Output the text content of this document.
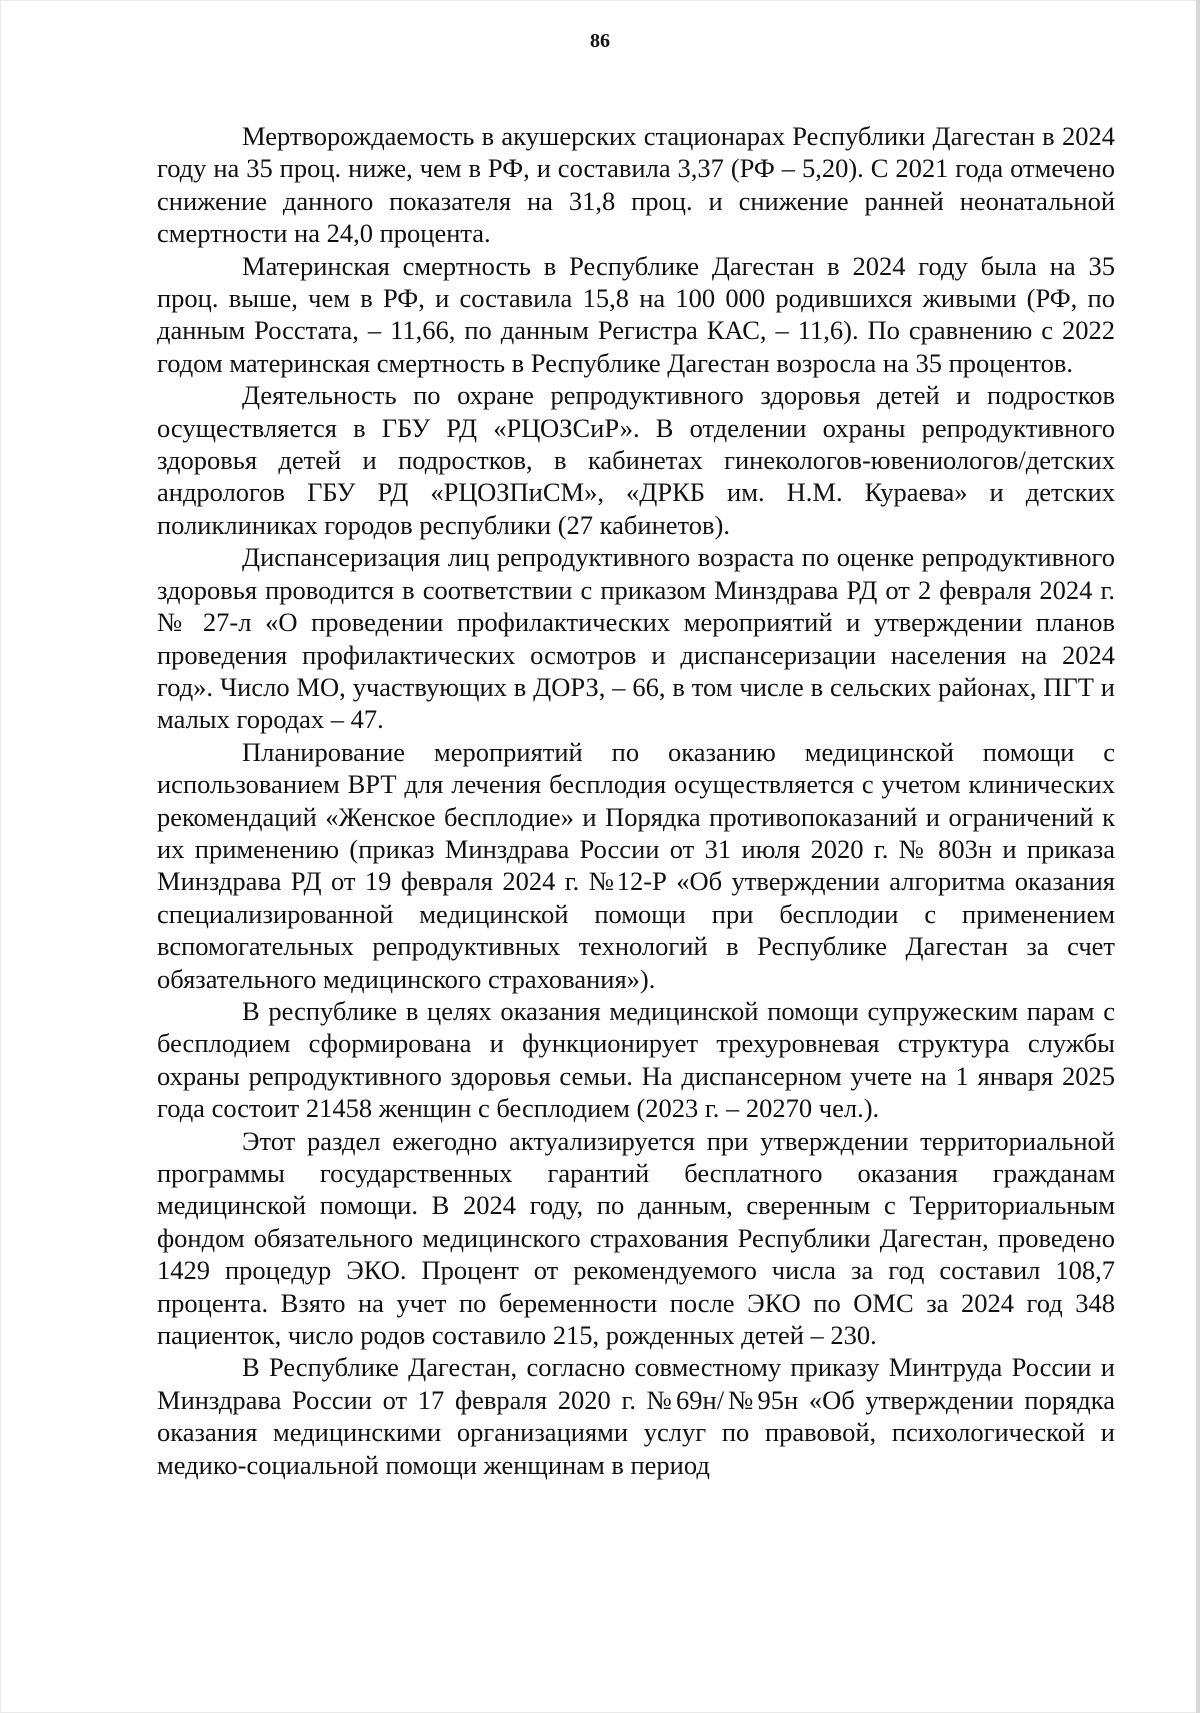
86

Мертворождаемость в акушерских стационарах Республики Дагестан в 2024 году на 35 проц. ниже, чем в РФ, и составила 3,37 (РФ – 5,20). С 2021 года отмечено снижение данного показателя на 31,8 проц. и снижение ранней неонатальной смертности на 24,0 процента.

Материнская смертность в Республике Дагестан в 2024 году была на 35 проц. выше, чем в РФ, и составила 15,8 на 100 000 родившихся живыми (РФ, по данным Росстата, – 11,66, по данным Регистра КАС, – 11,6). По сравнению с 2022 годом материнская смертность в Республике Дагестан возросла на 35 процентов.

Деятельность по охране репродуктивного здоровья детей и подростков осуществляется в ГБУ РД «РЦОЗСиР». В отделении охраны репродуктивного здоровья детей и подростков, в кабинетах гинекологов-ювениологов/детских андрологов ГБУ РД «РЦОЗПиСМ», «ДРКБ им. Н.М. Кураева» и детских поликлиниках городов республики (27 кабинетов).

Диспансеризация лиц репродуктивного возраста по оценке репродуктивного здоровья проводится в соответствии с приказом Минздрава РД от 2 февраля 2024 г. № 27-л «О проведении профилактических мероприятий и утверждении планов проведения профилактических осмотров и диспансеризации населения на 2024 год». Число МО, участвующих в ДОРЗ, – 66, в том числе в сельских районах, ПГТ и малых городах – 47.

Планирование мероприятий по оказанию медицинской помощи с использованием ВРТ для лечения бесплодия осуществляется с учетом клинических рекомендаций «Женское бесплодие» и Порядка противопоказаний и ограничений к их применению (приказ Минздрава России от 31 июля 2020 г. № 803н и приказа Минздрава РД от 19 февраля 2024 г. №12-Р «Об утверждении алгоритма оказания специализированной медицинской помощи при бесплодии с применением вспомогательных репродуктивных технологий в Республике Дагестан за счет обязательного медицинского страхования»).

В республике в целях оказания медицинской помощи супружеским парам с бесплодием сформирована и функционирует трехуровневая структура службы охраны репродуктивного здоровья семьи. На диспансерном учете на 1 января 2025 года состоит 21458 женщин с бесплодием (2023 г. – 20270 чел.).

Этот раздел ежегодно актуализируется при утверждении территориальной программы государственных гарантий бесплатного оказания гражданам медицинской помощи. В 2024 году, по данным, сверенным с Территориальным фондом обязательного медицинского страхования Республики Дагестан, проведено 1429 процедур ЭКО. Процент от рекомендуемого числа за год составил 108,7 процента. Взято на учет по беременности после ЭКО по ОМС за 2024 год 348 пациенток, число родов составило 215, рожденных детей – 230.

В Республике Дагестан, согласно совместному приказу Минтруда России и Минздрава России от 17 февраля 2020 г. №69н/№95н «Об утверждении порядка оказания медицинскими организациями услуг по правовой, психологической и медико-социальной помощи женщинам в период
